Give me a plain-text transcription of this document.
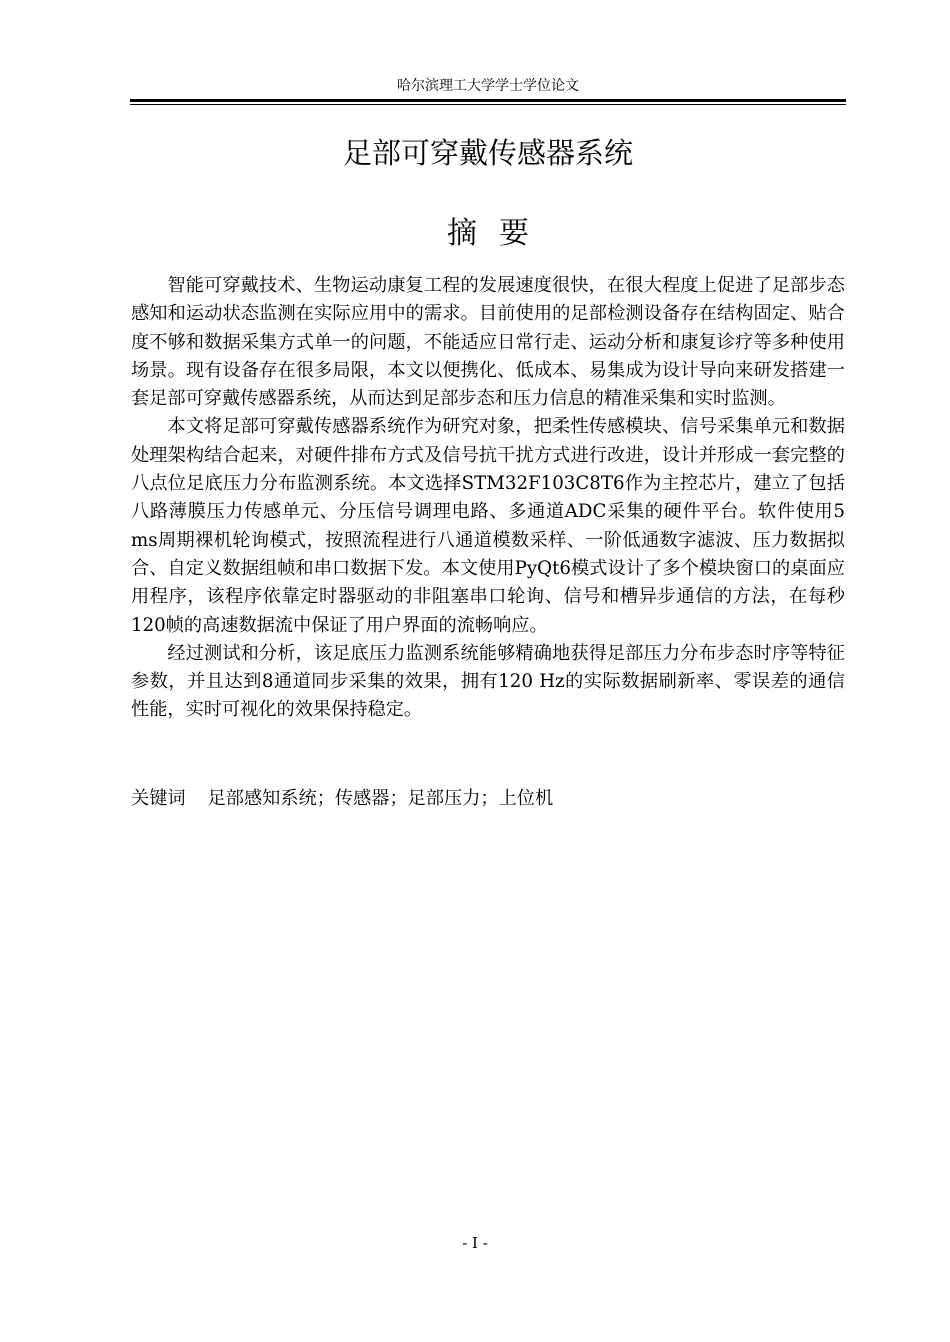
哈尔滨理工大学学士学位论文
足部可穿戴传感器系统
摘要

智能可穿戴技术、生物运动康复工程的发展速度很快，在很大程度上促进了足部步态感知和运动状态监测在实际应用中的需求。目前使用的足部检测设备存在结构固定、贴合度不够和数据采集方式单一的问题，不能适应日常行走、运动分析和康复诊疗等多种使用场景。现有设备存在很多局限，本文以便携化、低成本、易集成为设计导向来研发搭建一套足部可穿戴传感器系统，从而达到足部步态和压力信息的精准采集和实时监测。

本文将足部可穿戴传感器系统作为研究对象，把柔性传感模块、信号采集单元和数据处理架构结合起来，对硬件排布方式及信号抗干扰方式进行改进，设计并形成一套完整的八点位足底压力分布监测系统。本文选择STM32F103C8T6作为主控芯片，建立了包括八路薄膜压力传感单元、分压信号调理电路、多通道ADC采集的硬件平台。软件使用5 ms周期裸机轮询模式，按照流程进行八通道模数采样、一阶低通数字滤波、压力数据拟合、自定义数据组帧和串口数据下发。本文使用PyQt6模式设计了多个模块窗口的桌面应用程序，该程序依靠定时器驱动的非阻塞串口轮询、信号和槽异步通信的方法，在每秒120帧的高速数据流中保证了用户界面的流畅响应。

经过测试和分析，该足底压力监测系统能够精确地获得足部压力分布步态时序等特征参数，并且达到8通道同步采集的效果，拥有120 Hz的实际数据刷新率、零误差的通信性能，实时可视化的效果保持稳定。

关键词 足部感知系统；传感器；足部压力；上位机
- I -
